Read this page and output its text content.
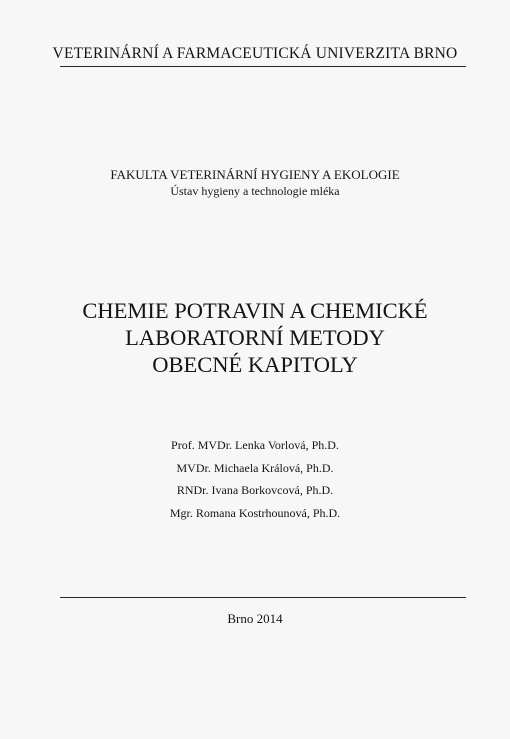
VETERINÁRNÍ A FARMACEUTICKÁ UNIVERZITA BRNO
FAKULTA VETERINÁRNÍ HYGIENY A EKOLOGIE
Ústav hygieny a technologie mléka
CHEMIE POTRAVIN A CHEMICKÉ
LABORATORNÍ METODY
OBECNÉ KAPITOLY
Prof. MVDr. Lenka Vorlová, Ph.D.
MVDr. Michaela Králová, Ph.D.
RNDr. Ivana Borkovcová, Ph.D.
Mgr. Romana Kostrhounová, Ph.D.
Brno 2014
